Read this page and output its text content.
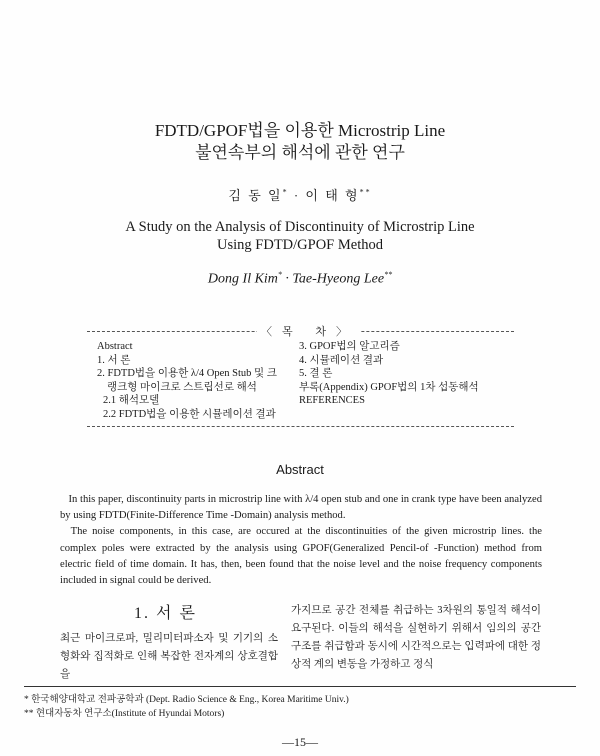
FDTD/GPOF법을 이용한 Microstrip Line
불연속부의 해석에 관한 연구
김 동 일* · 이 태 형**
A Study on the Analysis of Discontinuity of Microstrip Line
Using FDTD/GPOF Method
Dong Il Kim* · Tae-Hyeong Lee**
〈목 차〉
Abstract
1. 서 론
2. FDTD법을 이용한 λ/4 Open Stub 및 크
랭크형 마이크로 스트립선로 해석
2.1 해석모델
2.2 FDTD법을 이용한 시뮬레이션 결과
3. GPOF법의 알고리즘
4. 시뮬레이션 결과
5. 결 론
부록(Appendix) GPOF법의 1차 섭동해석
REFERENCES
Abstract

In this paper, discontinuity parts in microstrip line with λ/4 open stub and one in crank type have been analyzed by using FDTD(Finite-Difference Time -Domain) analysis method.

The noise components, in this case, are occured at the discontinuities of the given microstrip lines. the complex poles were extracted by the analysis using GPOF(Generalized Pencil-of -Function) method from electric field of time domain. It has, then, been found that the noise level and the noise frequency components included in signal could be derived.

1. 서 론

최근 마이크로파, 밀리미터파소자 및 기기의 소형화와 집적화로 인해 복잡한 전자계의 상호결합을

가지므로 공간 전체를 취급하는 3차원의 통일적 해석이 요구된다. 이들의 해석을 실현하기 위해서 임의의 공간 구조를 취급함과 동시에 시간적으로는 입력파에 대한 정상적 계의 변동을 가정하고 정식

* 한국해양대학교 전파공학과 (Dept. Radio Science & Eng., Korea Maritime Univ.)
** 현대자동차 연구소(Institute of Hyundai Motors)
—15—
